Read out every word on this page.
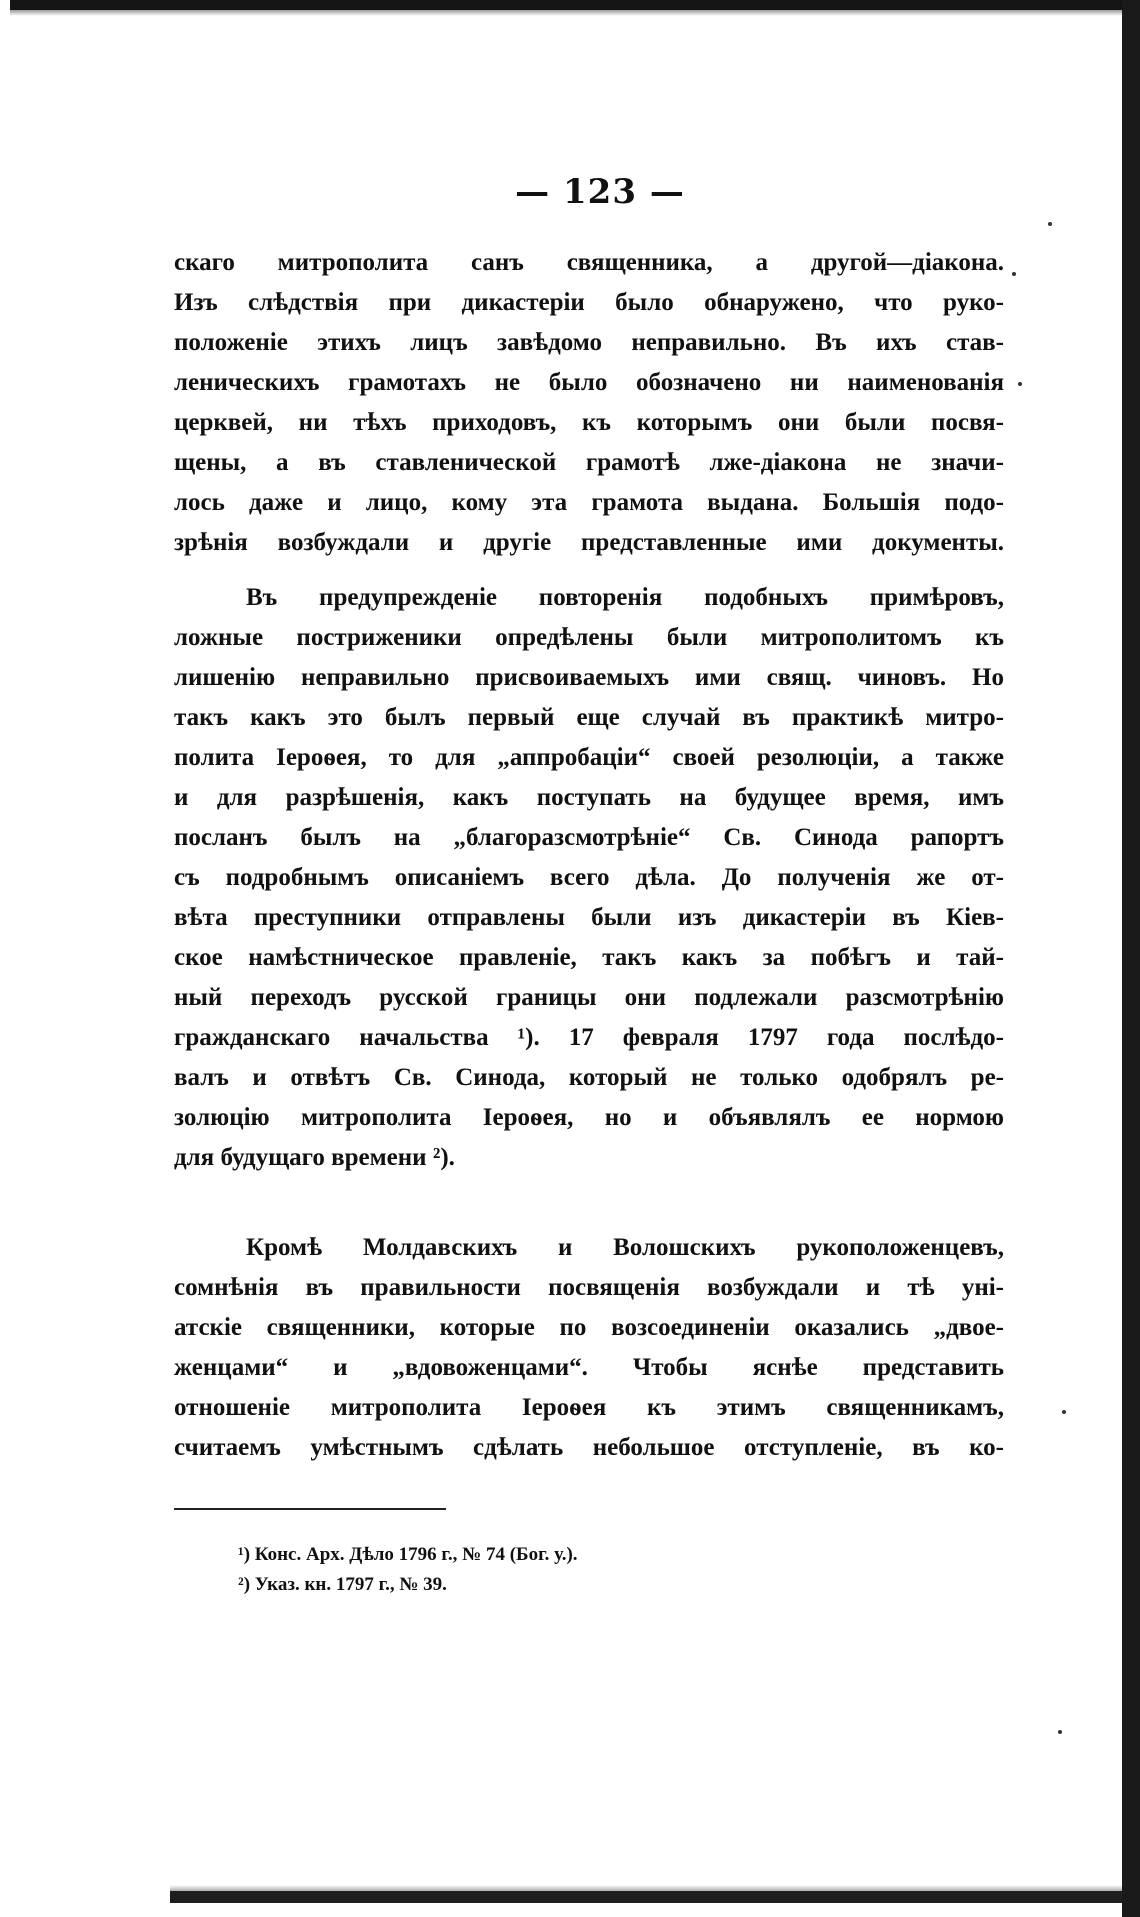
— 123 —
скаго митрополита санъ священника, а другой—діакона.
Изъ слѣдствія при дикастеріи было обнаружено, что руко-
положеніе этихъ лицъ завѣдомо неправильно. Въ ихъ став-
леническихъ грамотахъ не было обозначено ни наименованія
церквей, ни тѣхъ приходовъ, къ которымъ они были посвя-
щены, а въ ставленической грамотѣ лже-діакона не значи-
лось даже и лицо, кому эта грамота выдана. Большія подо-
зрѣнія возбуждали и другіе представленные ими документы.
Въ предупрежденіе повторенія подобныхъ примѣровъ,
ложные постриженики опредѣлены были митрополитомъ къ
лишенію неправильно присвоиваемыхъ ими свящ. чиновъ. Но
такъ какъ это былъ первый еще случай въ практикѣ митро-
полита Іероѳея, то для „аппробаціи“ своей резолюціи, а также
и для разрѣшенія, какъ поступать на будущее время, имъ
посланъ былъ на „благоразсмотрѣніе“ Св. Синода рапортъ
съ подробнымъ описаніемъ всего дѣла. До полученія же от-
вѣта преступники отправлены были изъ дикастеріи въ Кіев-
ское намѣстническое правленіе, такъ какъ за побѣгъ и тай-
ный переходъ русской границы они подлежали разсмотрѣнію
гражданскаго начальства ¹). 17 февраля 1797 года послѣдо-
валъ и отвѣтъ Св. Синода, который не только одобрялъ ре-
золюцію митрополита Іероѳея, но и объявлялъ ее нормою
для будущаго времени ²).
Кромѣ Молдавскихъ и Волошскихъ рукоположенцевъ,
сомнѣнія въ правильности посвященія возбуждали и тѣ уні-
атскіе священники, которые по возсоединеніи оказались „двое-
женцами“ и „вдовоженцами“. Чтобы яснѣе представить
отношеніе митрополита Іероѳея къ этимъ священникамъ,
считаемъ умѣстнымъ сдѣлать небольшое отступленіе, въ ко-
¹) Конс. Арх. Дѣло 1796 г., № 74 (Бог. у.).
²) Указ. кн. 1797 г., № 39.
